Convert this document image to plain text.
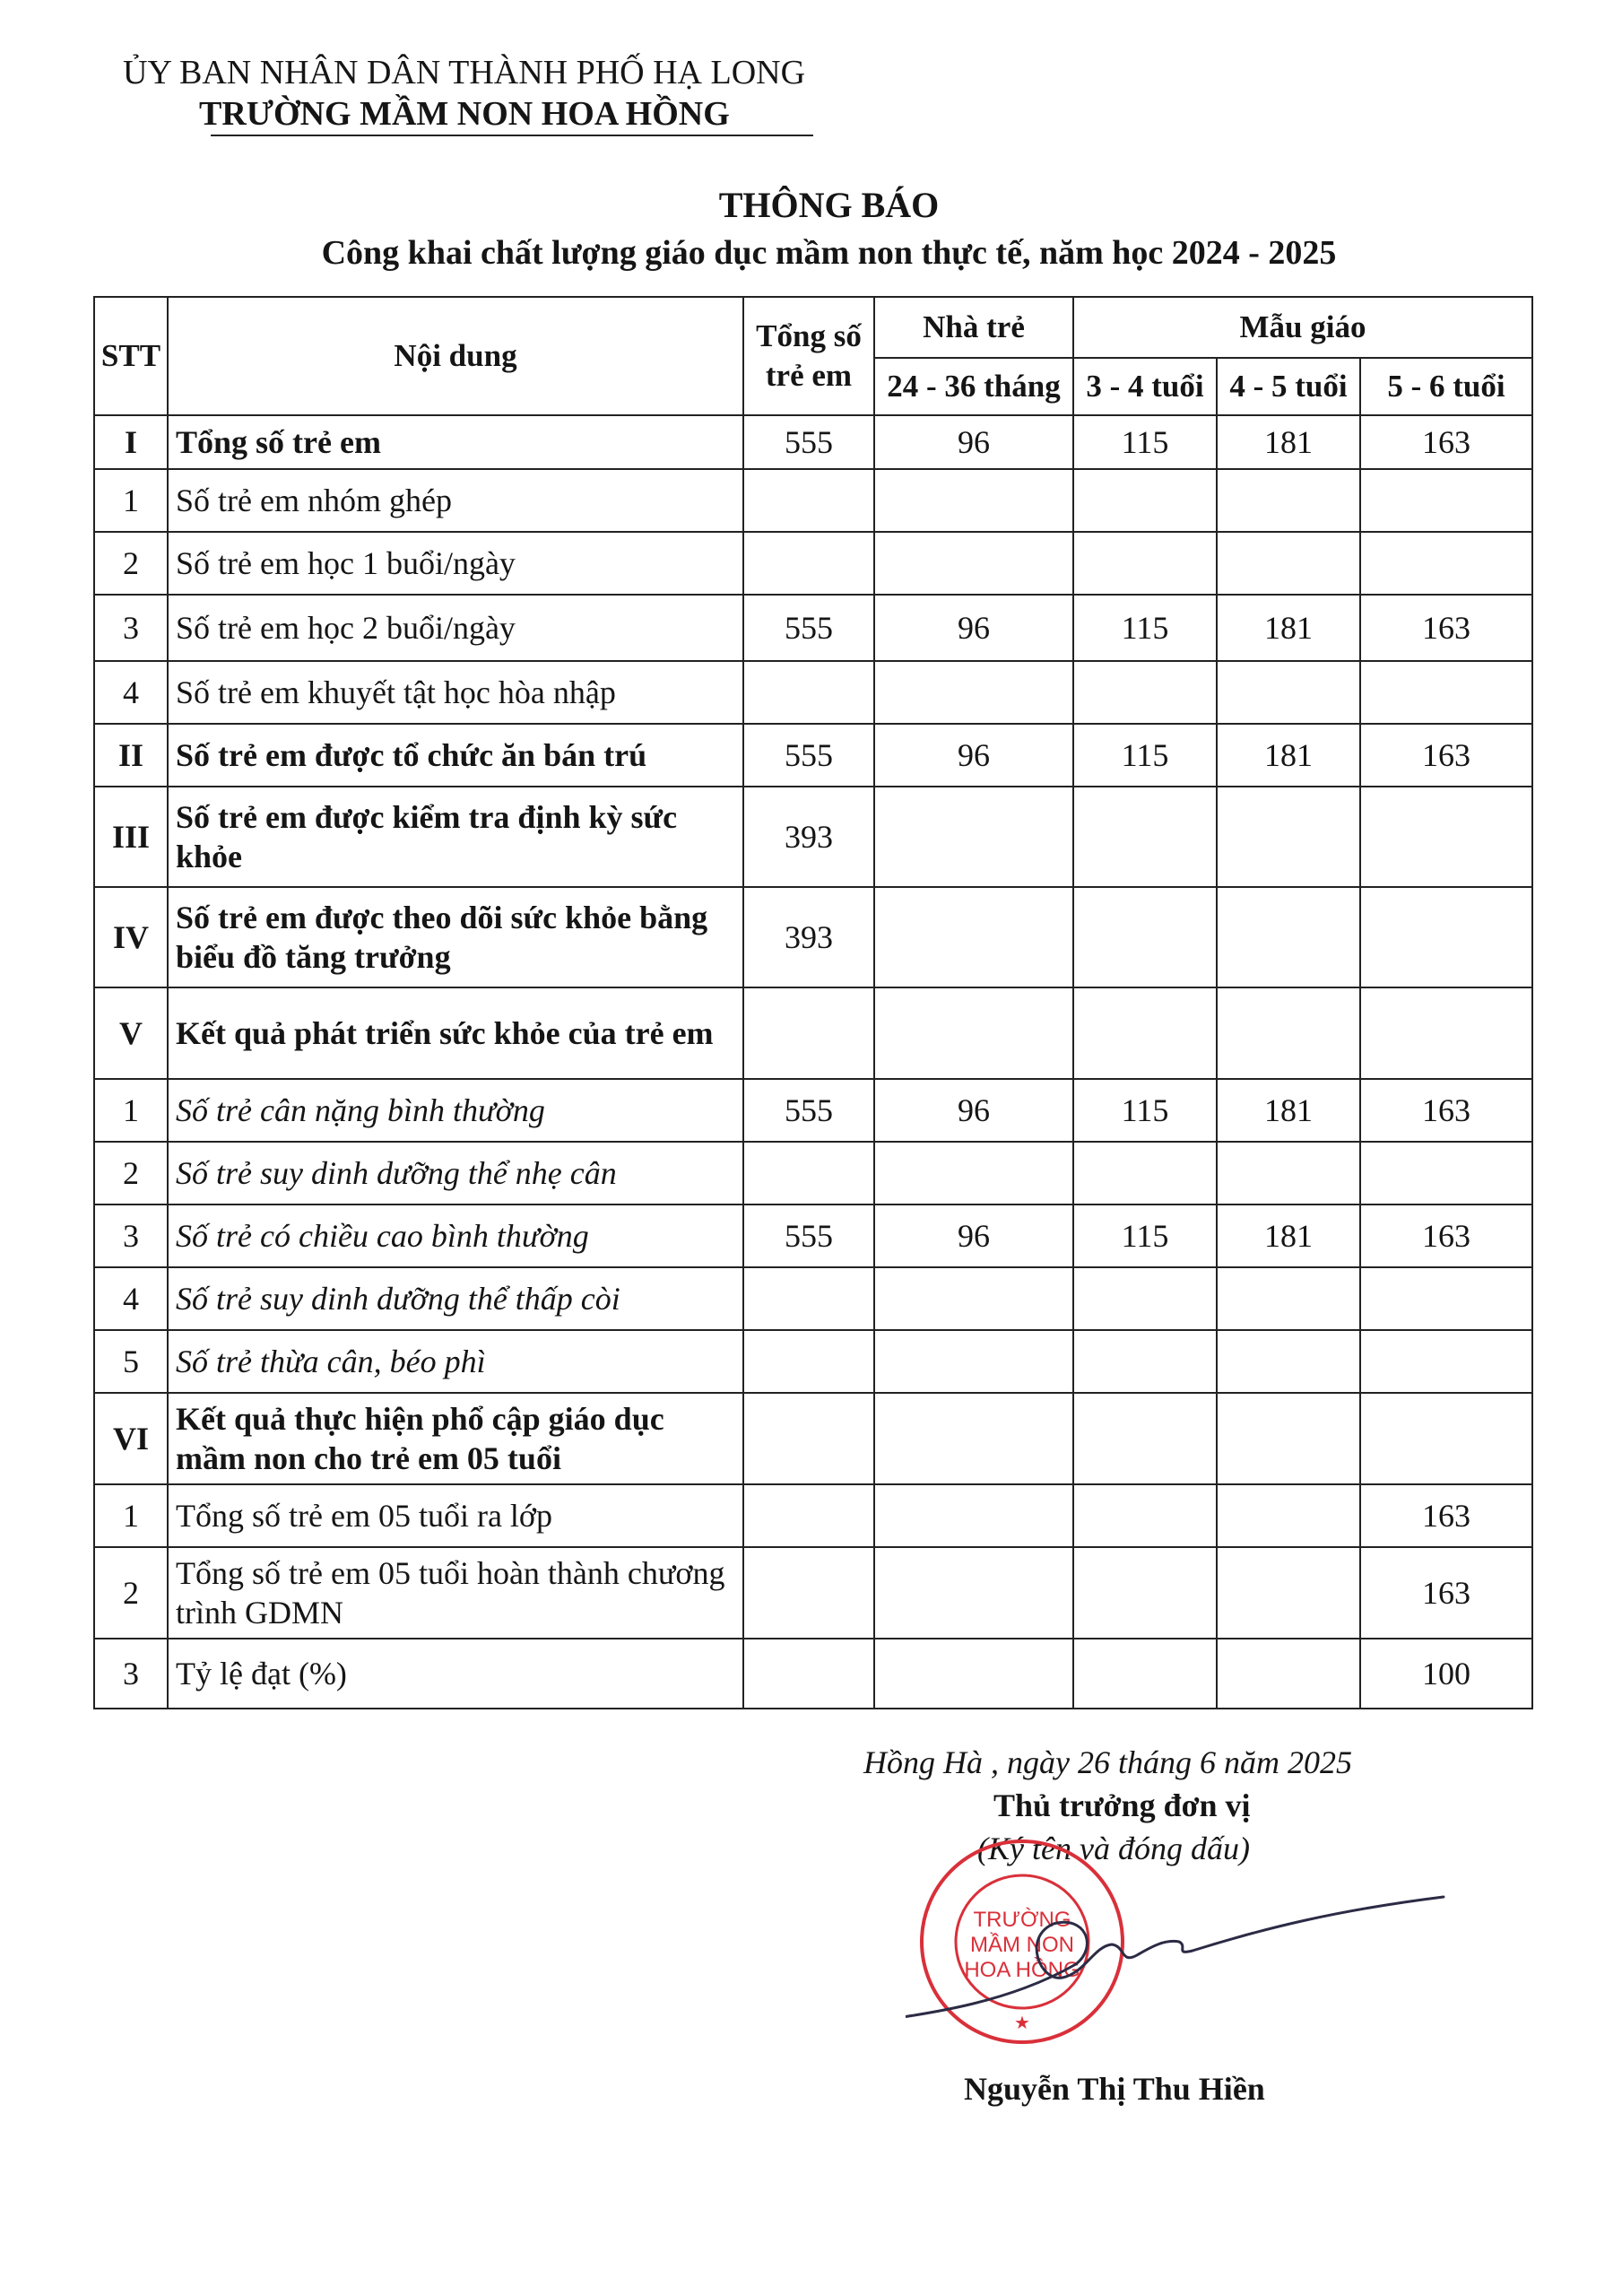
ỦY BAN NHÂN DÂN THÀNH PHỐ HẠ LONG
TRƯỜNG MẦM NON HOA HỒNG
THÔNG BÁO
Công khai chất lượng giáo dục mầm non thực tế, năm học 2024 - 2025
STT	Nội dung	Tổng số trẻ em	Nhà trẻ	Mẫu giáo		
			24 - 36 tháng	3 - 4 tuổi	4 - 5 tuổi	5 - 6 tuổi
I	Tổng số trẻ em	555	96	115	181	163
1	Số trẻ em nhóm ghép					
2	Số trẻ em học 1 buổi/ngày					
3	Số trẻ em học 2 buổi/ngày	555	96	115	181	163
4	Số trẻ em khuyết tật học hòa nhập					
II	Số trẻ em được tổ chức ăn bán trú	555	96	115	181	163
III	Số trẻ em được kiểm tra định kỳ sức khỏe	393				
IV	Số trẻ em được theo dõi sức khỏe bằng biểu đồ tăng trưởng	393				
V	Kết quả phát triển sức khỏe của trẻ em					
1	Số trẻ cân nặng bình thường	555	96	115	181	163
2	Số trẻ suy dinh dưỡng thể nhẹ cân					
3	Số trẻ có chiều cao bình thường	555	96	115	181	163
4	Số trẻ suy dinh dưỡng thể thấp còi					
5	Số trẻ thừa cân, béo phì					
VI	Kết quả thực hiện phổ cập giáo dục mầm non cho trẻ em 05 tuổi					
1	Tổng số trẻ em 05 tuổi ra lớp					163
2	Tổng số trẻ em 05 tuổi hoàn thành chương trình GDMN					163
3	Tỷ lệ đạt (%)					100
Hồng Hà , ngày 26 tháng 6 năm 2025
Thủ trưởng đơn vị
(Ký tên và đóng dấu)
TRƯỜNG
MẦM NON
HOA HỒNG
★
Nguyễn Thị Thu Hiền
